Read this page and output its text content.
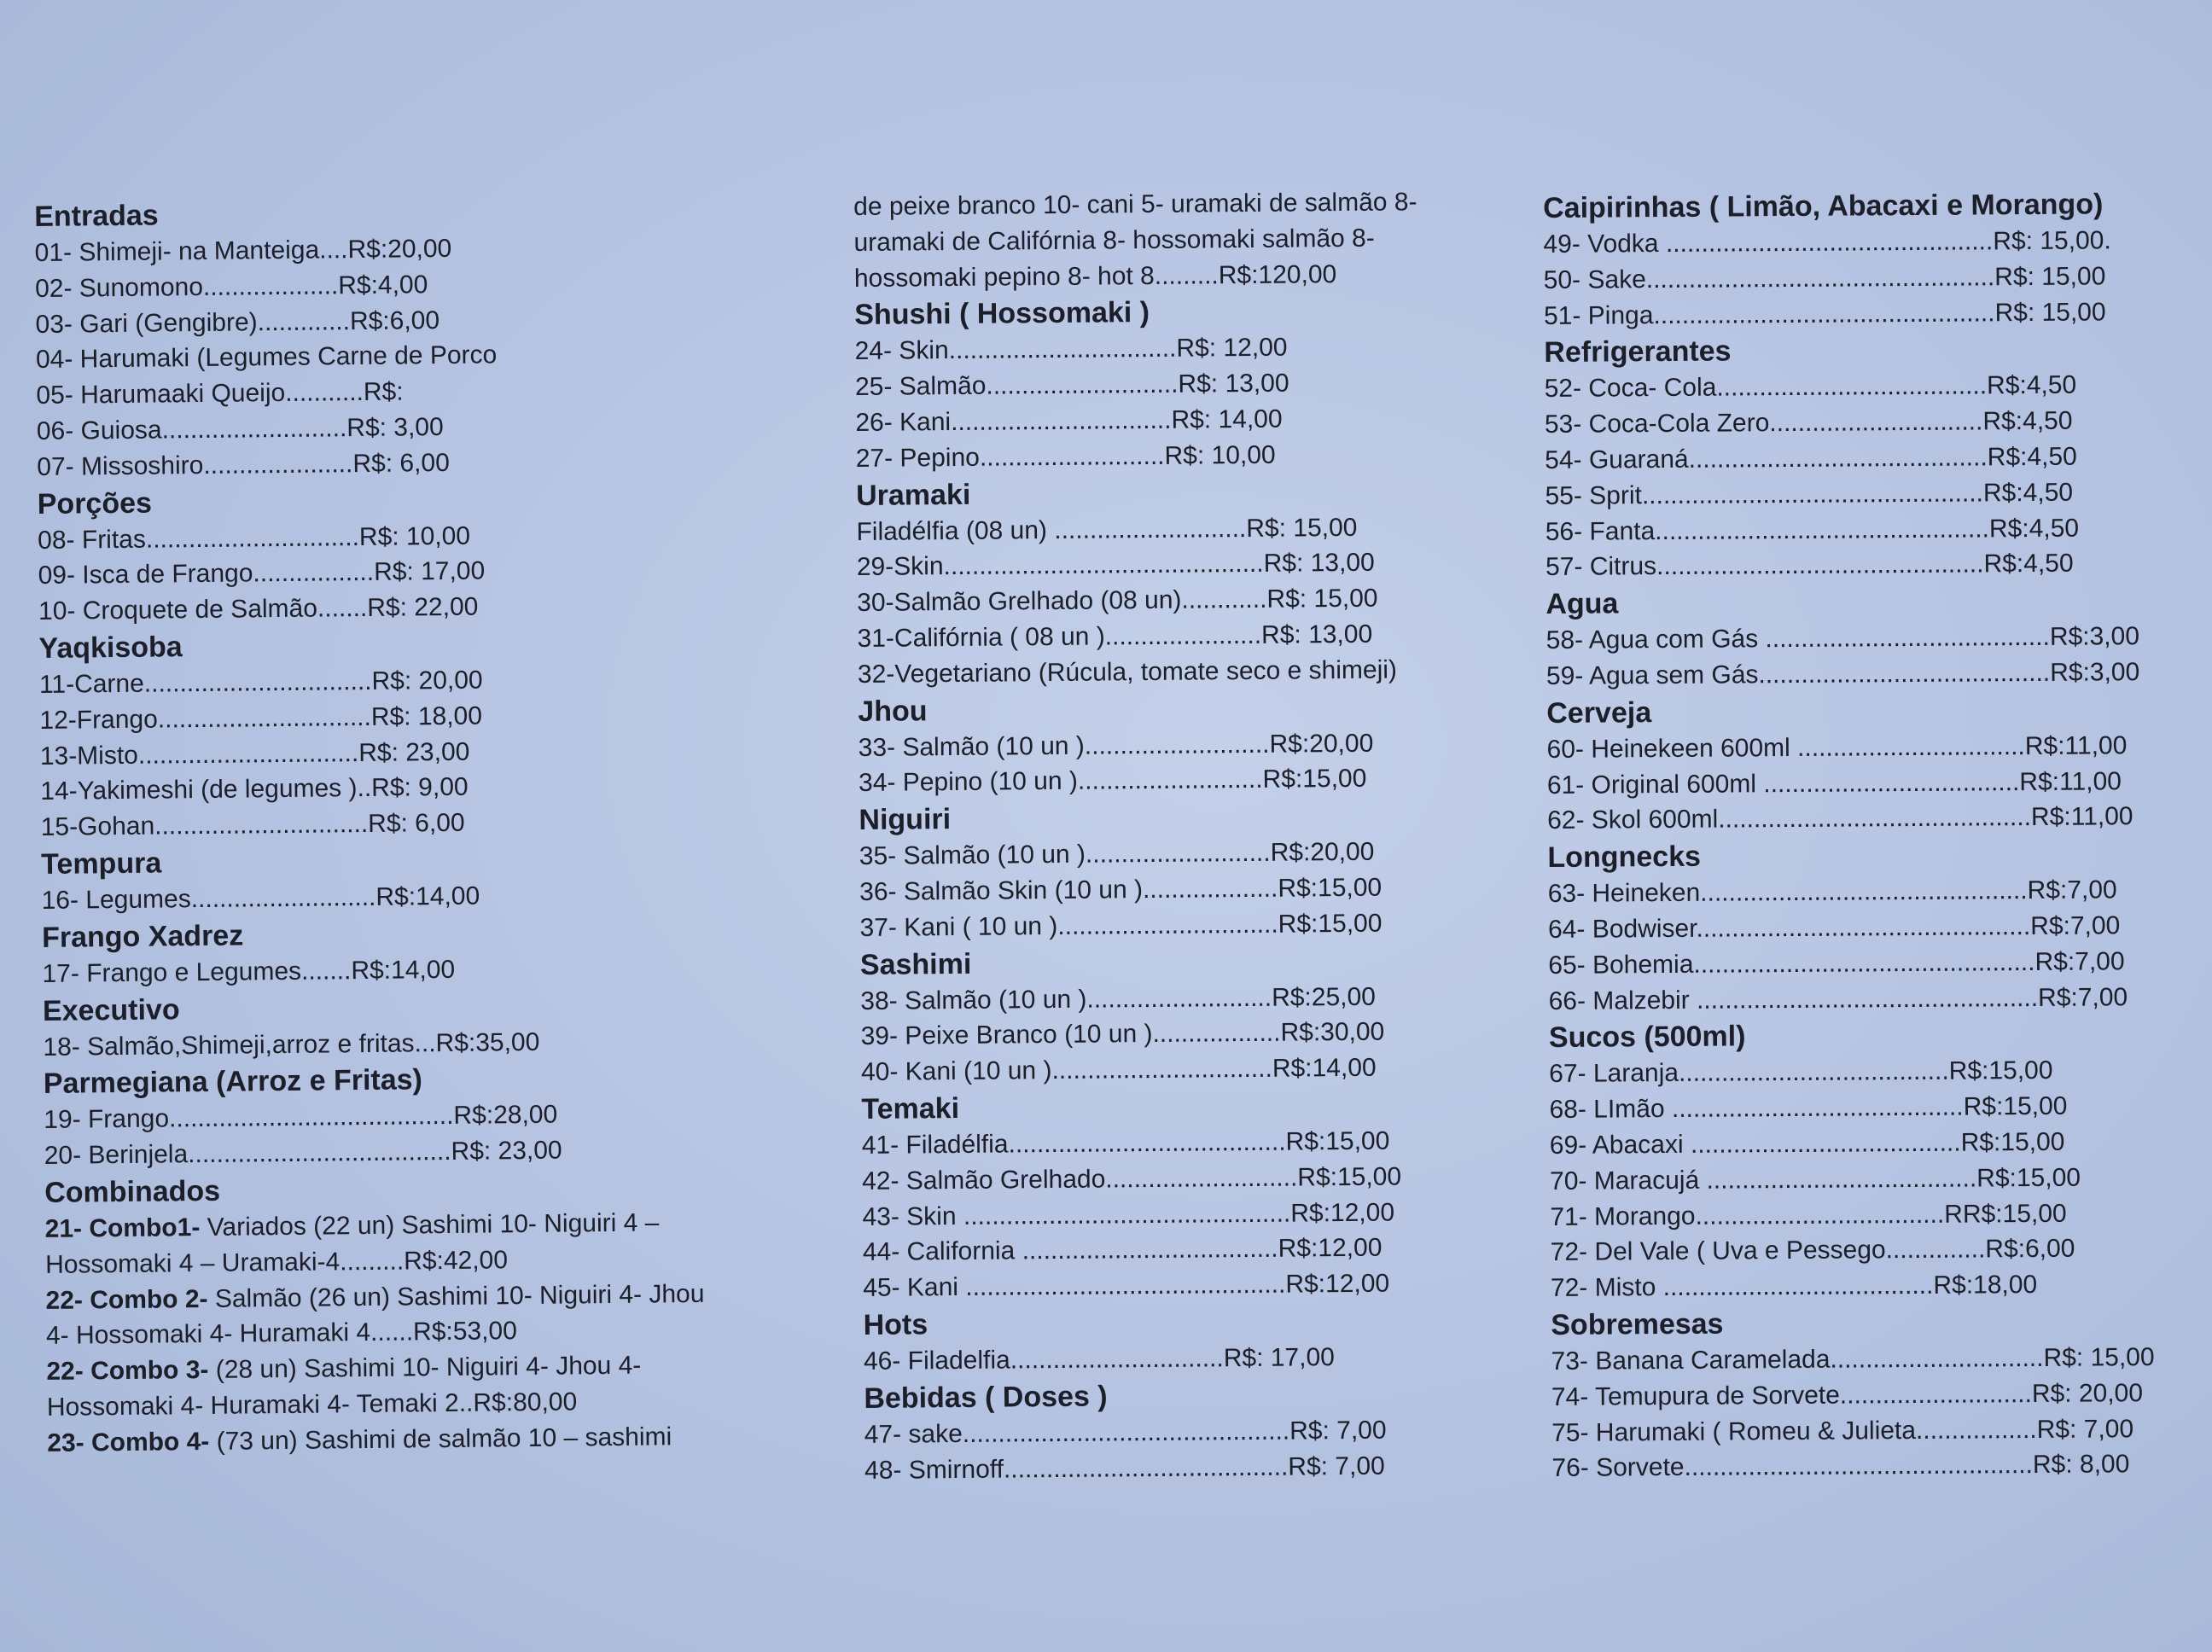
Entradas
01- Shimeji- na Manteiga....R$:20,00
02- Sunomono...................R$:4,00
03- Gari (Gengibre).............R$:6,00
04- Harumaki (Legumes Carne de Porco
05- Harumaaki Queijo...........R$:
06- Guiosa..........................R$: 3,00
07- Missoshiro.....................R$: 6,00
Porções
08- Fritas..............................R$: 10,00
09- Isca de Frango.................R$: 17,00
10- Croquete de Salmão.......R$: 22,00
Yaqkisoba
11-Carne................................R$: 20,00
12-Frango..............................R$: 18,00
13-Misto...............................R$: 23,00
14-Yakimeshi (de legumes )..R$: 9,00
15-Gohan..............................R$: 6,00
Tempura
16- Legumes..........................R$:14,00
Frango Xadrez
17- Frango e Legumes.......R$:14,00
Executivo
18- Salmão,Shimeji,arroz e fritas...R$:35,00
Parmegiana (Arroz e Fritas)
19- Frango........................................R$:28,00
20- Berinjela.....................................R$: 23,00
Combinados
21- Combo1- Variados (22 un) Sashimi 10- Niguiri 4 –
Hossomaki 4 – Uramaki-4.........R$:42,00
22- Combo 2- Salmão (26 un) Sashimi 10- Niguiri 4- Jhou
4- Hossomaki 4- Huramaki 4......R$:53,00
22- Combo 3- (28 un) Sashimi 10- Niguiri 4- Jhou 4-
Hossomaki 4- Huramaki 4- Temaki 2..R$:80,00
23- Combo 4- (73 un) Sashimi de salmão 10 – sashimi
de peixe branco 10- cani 5- uramaki de salmão 8-
uramaki de Califórnia 8- hossomaki salmão 8-
hossomaki pepino 8- hot 8.........R$:120,00
Shushi ( Hossomaki )
24- Skin................................R$: 12,00
25- Salmão...........................R$: 13,00
26- Kani...............................R$: 14,00
27- Pepino..........................R$: 10,00
Uramaki
Filadélfia (08 un) ...........................R$: 15,00
29-Skin.............................................R$: 13,00
30-Salmão Grelhado (08 un)............R$: 15,00
31-Califórnia ( 08 un )......................R$: 13,00
32-Vegetariano (Rúcula, tomate seco e shimeji)
Jhou
33- Salmão (10 un )..........................R$:20,00
34- Pepino (10 un )..........................R$:15,00
Niguiri
35- Salmão (10 un )..........................R$:20,00
36- Salmão Skin (10 un )...................R$:15,00
37- Kani ( 10 un )...............................R$:15,00
Sashimi
38- Salmão (10 un )..........................R$:25,00
39- Peixe Branco (10 un )..................R$:30,00
40- Kani (10 un )...............................R$:14,00
Temaki
41- Filadélfia.......................................R$:15,00
42- Salmão Grelhado...........................R$:15,00
43- Skin ..............................................R$:12,00
44- California ....................................R$:12,00
45- Kani .............................................R$:12,00
Hots
46- Filadelfia..............................R$: 17,00
Bebidas ( Doses )
47- sake..............................................R$: 7,00
48- Smirnoff........................................R$: 7,00
Caipirinhas ( Limão, Abacaxi e Morango)
49- Vodka ..............................................R$: 15,00.
50- Sake.................................................R$: 15,00
51- Pinga................................................R$: 15,00
Refrigerantes
52- Coca- Cola......................................R$:4,50
53- Coca-Cola Zero..............................R$:4,50
54- Guaraná..........................................R$:4,50
55- Sprit................................................R$:4,50
56- Fanta...............................................R$:4,50
57- Citrus..............................................R$:4,50
Agua
58- Agua com Gás ........................................R$:3,00
59- Agua sem Gás.........................................R$:3,00
Cerveja
60- Heinekeen 600ml ................................R$:11,00
61- Original 600ml ....................................R$:11,00
62- Skol 600ml............................................R$:11,00
Longnecks
63- Heineken..............................................R$:7,00
64- Bodwiser...............................................R$:7,00
65- Bohemia................................................R$:7,00
66- Malzebir ................................................R$:7,00
Sucos (500ml)
67- Laranja......................................R$:15,00
68- LImão .........................................R$:15,00
69- Abacaxi ......................................R$:15,00
70- Maracujá ......................................R$:15,00
71- Morango...................................RR$:15,00
72- Del Vale ( Uva e Pessego..............R$:6,00
72- Misto ......................................R$:18,00
Sobremesas
73- Banana Caramelada..............................R$: 15,00
74- Temupura de Sorvete...........................R$: 20,00
75- Harumaki ( Romeu & Julieta.................R$: 7,00
76- Sorvete.................................................R$: 8,00
